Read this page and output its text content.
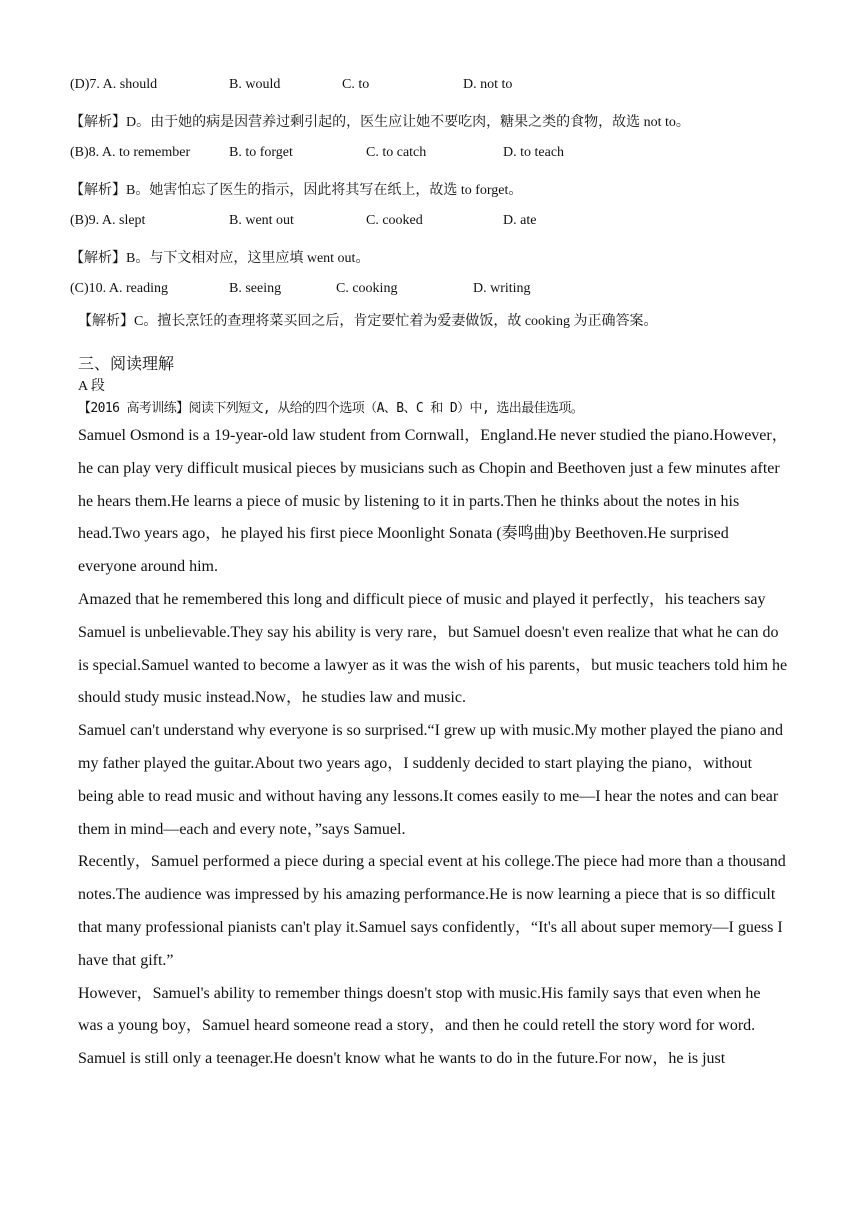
(D)7. A. should	B. would	C. to	D. not to
【解析】D。由于她的病是因营养过剩引起的，医生应让她不要吃肉，糖果之类的食物，故选 not to。
(B)8. A. to remember	B. to forget	C. to catch	D. to teach
【解析】B。她害怕忘了医生的指示，因此将其写在纸上，故选 to forget。
(B)9. A. slept	B. went out	C. cooked	D. ate
【解析】B。与下文相对应，这里应填 went out。
(C)10. A. reading	B. seeing	C. cooking	D. writing
【解析】C。擅长烹饪的查理将菜买回之后，肯定要忙着为爱妻做饭，故 cooking 为正确答案。
三、阅读理解
A 段
【2016 高考训练】阅读下列短文, 从给的四个选项（A、B、C 和 D）中, 选出最佳选项。

Samuel Osmond is a 19-year-old law student from Cornwall，England.He never studied the piano.However，he can play very difficult musical pieces by musicians such as Chopin and Beethoven just a few minutes after he hears them.He learns a piece of music by listening to it in parts.Then he thinks about the notes in his head.Two years ago，he played his first piece Moonlight Sonata (奏鸣曲)by Beethoven.He surprised everyone around him.

Amazed that he remembered this long and difficult piece of music and played it perfectly，his teachers say Samuel is unbelievable.They say his ability is very rare，but Samuel doesn't even realize that what he can do is special.Samuel wanted to become a lawyer as it was the wish of his parents，but music teachers told him he should study music instead.Now，he studies law and music.

Samuel can't understand why everyone is so surprised.“I grew up with music.My mother played the piano and my father played the guitar.About two years ago，I suddenly decided to start playing the piano，without being able to read music and without having any lessons.It comes easily to me—I hear the notes and can bear them in mind—each and every note，”says Samuel.

Recently，Samuel performed a piece during a special event at his college.The piece had more than a thousand notes.The audience was impressed by his amazing performance.He is now learning a piece that is so difficult that many professional pianists can't play it.Samuel says confidently，“It's all about super memory—I guess I have that gift.”

However，Samuel's ability to remember things doesn't stop with music.His family says that even when he was a young boy，Samuel heard someone read a story，and then he could retell the story word for word.

Samuel is still only a teenager.He doesn't know what he wants to do in the future.For now，he is just
